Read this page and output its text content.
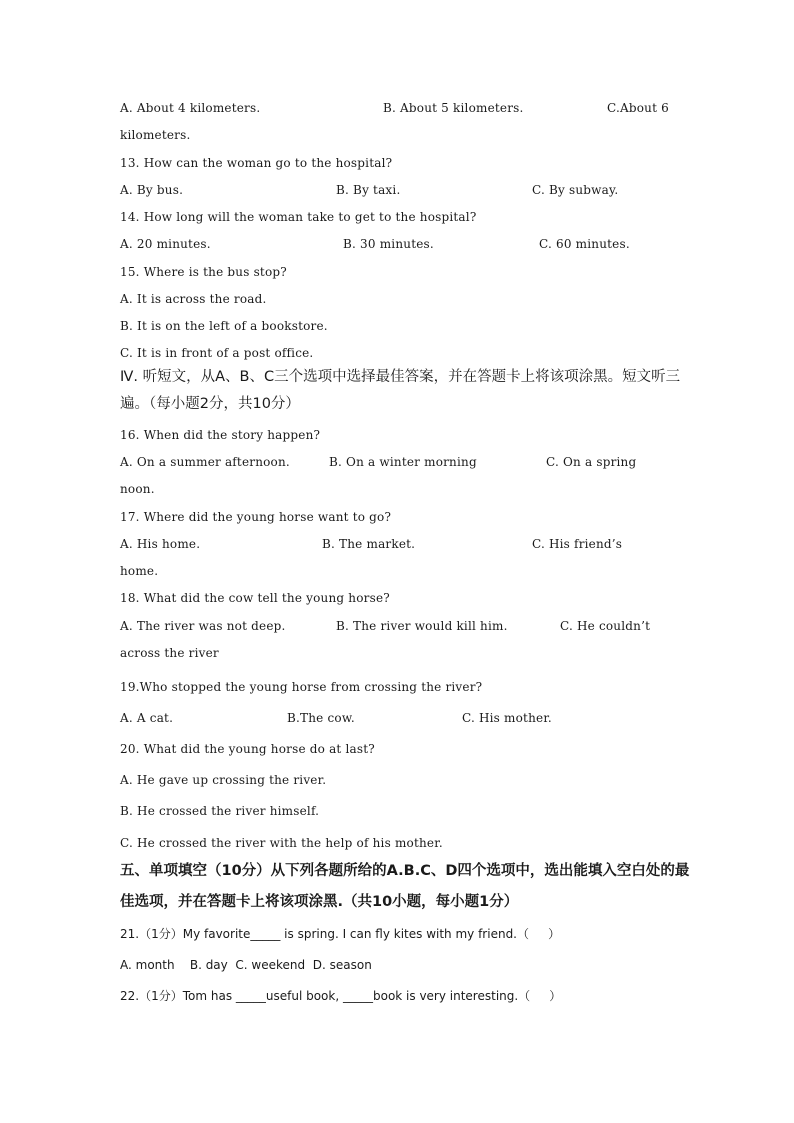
A. About 4 kilometers.	B. About 5 kilometers.	C.About 6
kilometers.
13. How can the woman go to the hospital?
A. By bus.	B. By taxi.	C. By subway.
14. How long will the woman take to get to the hospital?
A. 20 minutes.	B. 30 minutes.	C. 60 minutes.
15. Where is the bus stop?
A. It is across the road.
B. It is on the left of a bookstore.
C. It is in front of a post office.
Ⅳ. 听短文，从A、B、C三个选项中选择最佳答案，并在答题卡上将该项涂黑。短文听三
遍。（每小题2分，共10分）
16. When did the story happen?
A. On a summer afternoon.	B. On a winter morning	C. On a spring
noon.
17. Where did the young horse want to go?
A. His home.	B. The market.	C. His friend’s
home.
18. What did the cow tell the young horse?
A. The river was not deep.	B. The river would kill him.	C. He couldn’t
across the river
19.Who stopped the young horse from crossing the river?
A. A cat.	B.The cow.	C. His mother.
20. What did the young horse do at last?
A. He gave up crossing the river.
B. He crossed the river himself.
C. He crossed the river with the help of his mother.
五、单项填空（10分）从下列各题所给的A.B.C、D四个选项中，选出能填入空白处的最
佳选项，并在答题卡上将该项涂黑.（共10小题，每小题1分）
21.（1分）My favorite_____ is spring. I can fly kites with my friend.（     ）
A. month    B. day  C. weekend  D. season
22.（1分）Tom has _____useful book, _____book is very interesting.（     ）
